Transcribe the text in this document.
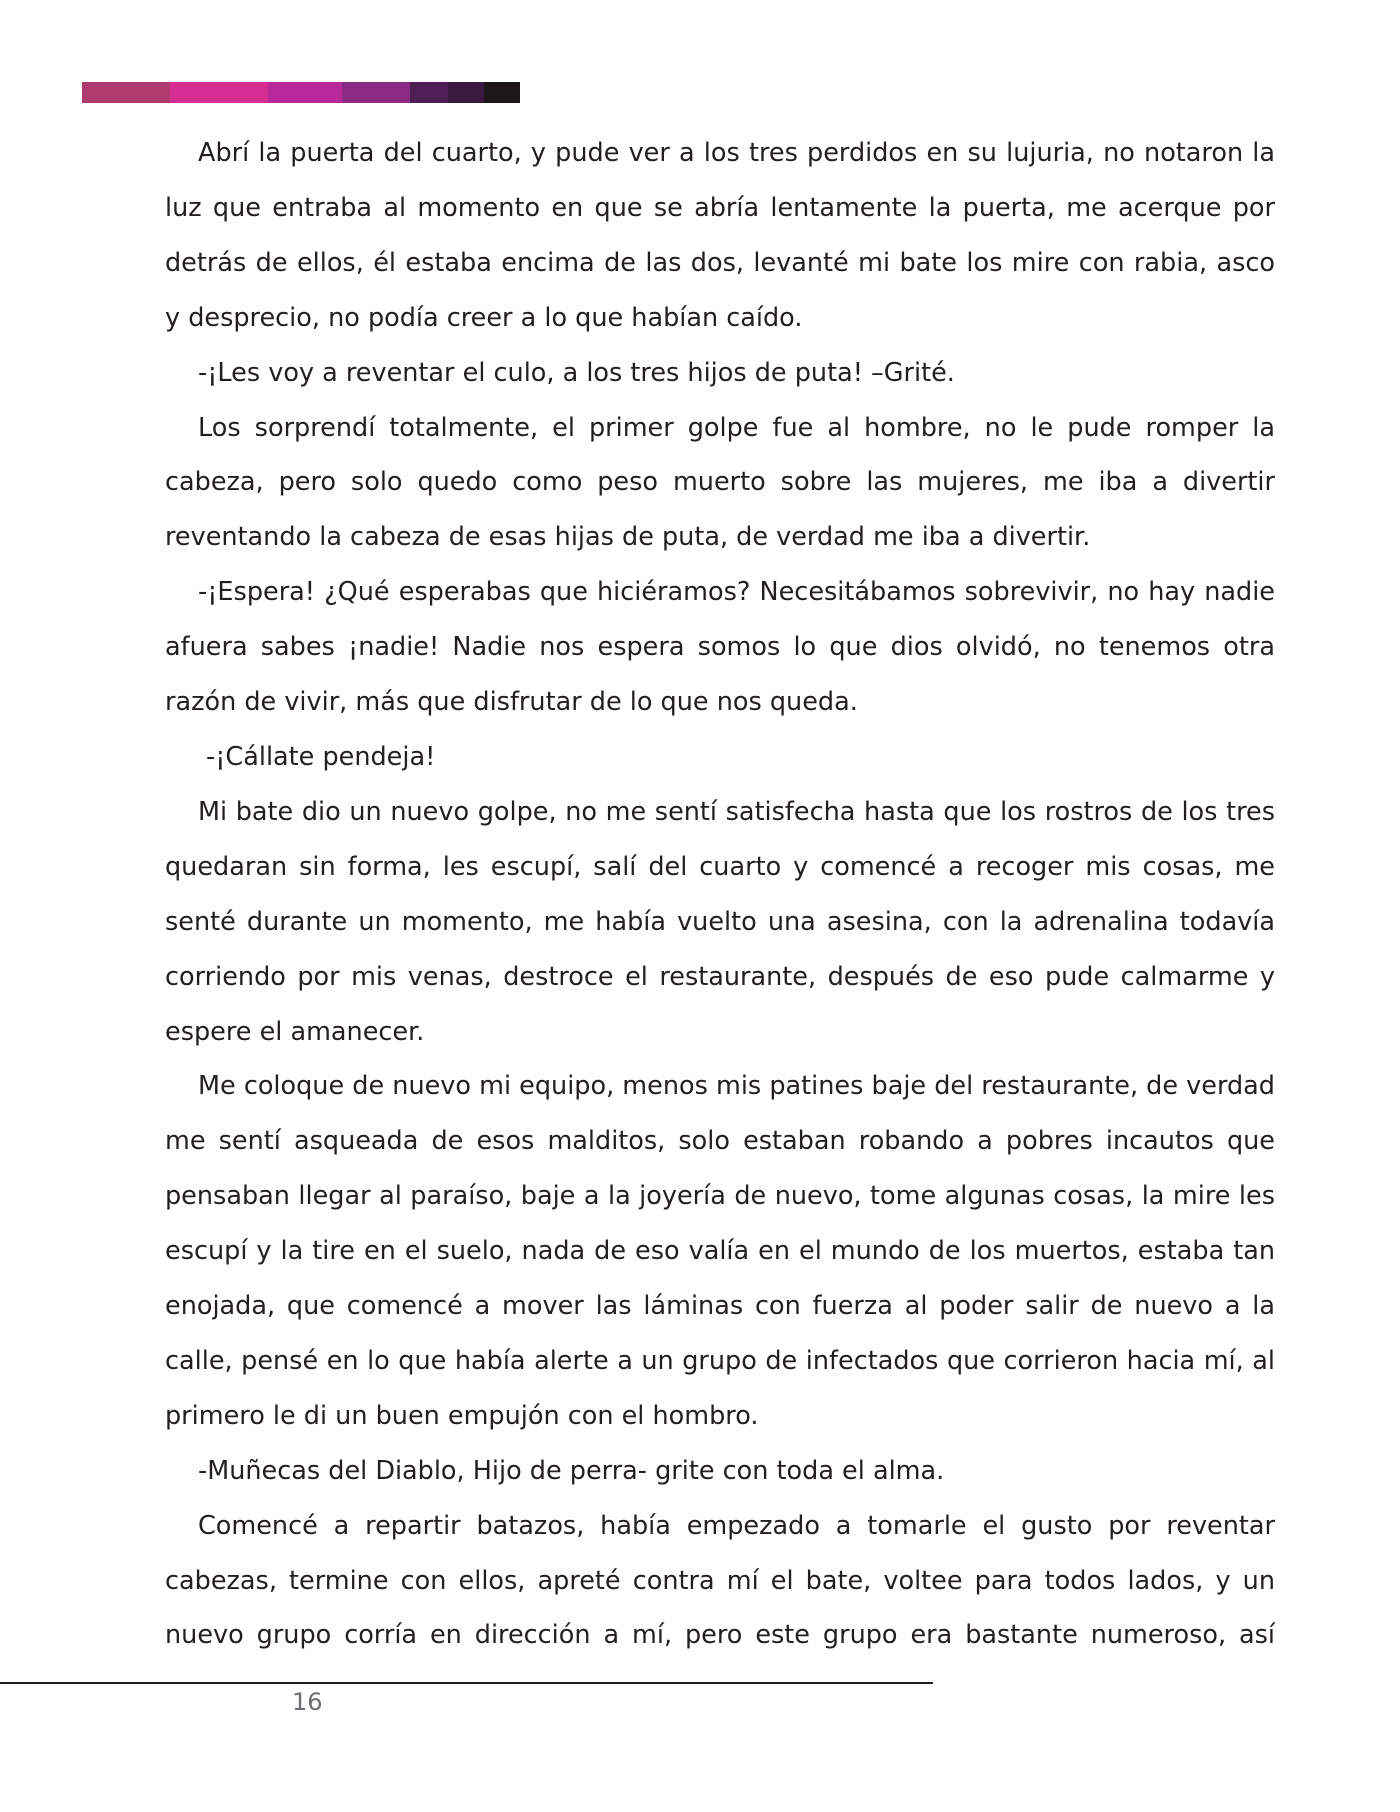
Abrí la puerta del cuarto, y pude ver a los tres perdidos en su lujuria, no notaron la luz que entraba al momento en que se abría lentamente la puerta, me acerque por detrás de ellos, él estaba encima de las dos, levanté mi bate los mire con rabia, asco y desprecio, no podía creer a lo que habían caído.

-¡Les voy a reventar el culo, a los tres hijos de puta! –Grité.

Los sorprendí totalmente, el primer golpe fue al hombre, no le pude romper la cabeza, pero solo quedo como peso muerto sobre las mujeres, me iba a divertir reventando la cabeza de esas hijas de puta, de verdad me iba a divertir.

-¡Espera! ¿Qué esperabas que hiciéramos? Necesitábamos sobrevivir, no hay nadie afuera sabes ¡nadie! Nadie nos espera somos lo que dios olvidó, no tenemos otra razón de vivir, más que disfrutar de lo que nos queda.

-¡Cállate pendeja!

Mi bate dio un nuevo golpe, no me sentí satisfecha hasta que los rostros de los tres quedaran sin forma, les escupí, salí del cuarto y comencé a recoger mis cosas, me senté durante un momento, me había vuelto una asesina, con la adrenalina todavía corriendo por mis venas, destroce el restaurante, después de eso pude calmarme y espere el amanecer.

Me coloque de nuevo mi equipo, menos mis patines baje del restaurante, de verdad me sentí asqueada de esos malditos, solo estaban robando a pobres incautos que pensaban llegar al paraíso, baje a la joyería de nuevo, tome algunas cosas, la mire les escupí y la tire en el suelo, nada de eso valía en el mundo de los muertos, estaba tan enojada, que comencé a mover las láminas con fuerza al poder salir de nuevo a la calle, pensé en lo que había alerte a un grupo de infectados que corrieron hacia mí, al primero le di un buen empujón con el hombro.

-Muñecas del Diablo, Hijo de perra- grite con toda el alma.

Comencé a repartir batazos, había empezado a tomarle el gusto por reventar cabezas, termine con ellos, apreté contra mí el bate, voltee para todos lados, y un nuevo grupo corría en dirección a mí, pero este grupo era bastante numeroso, así

16
